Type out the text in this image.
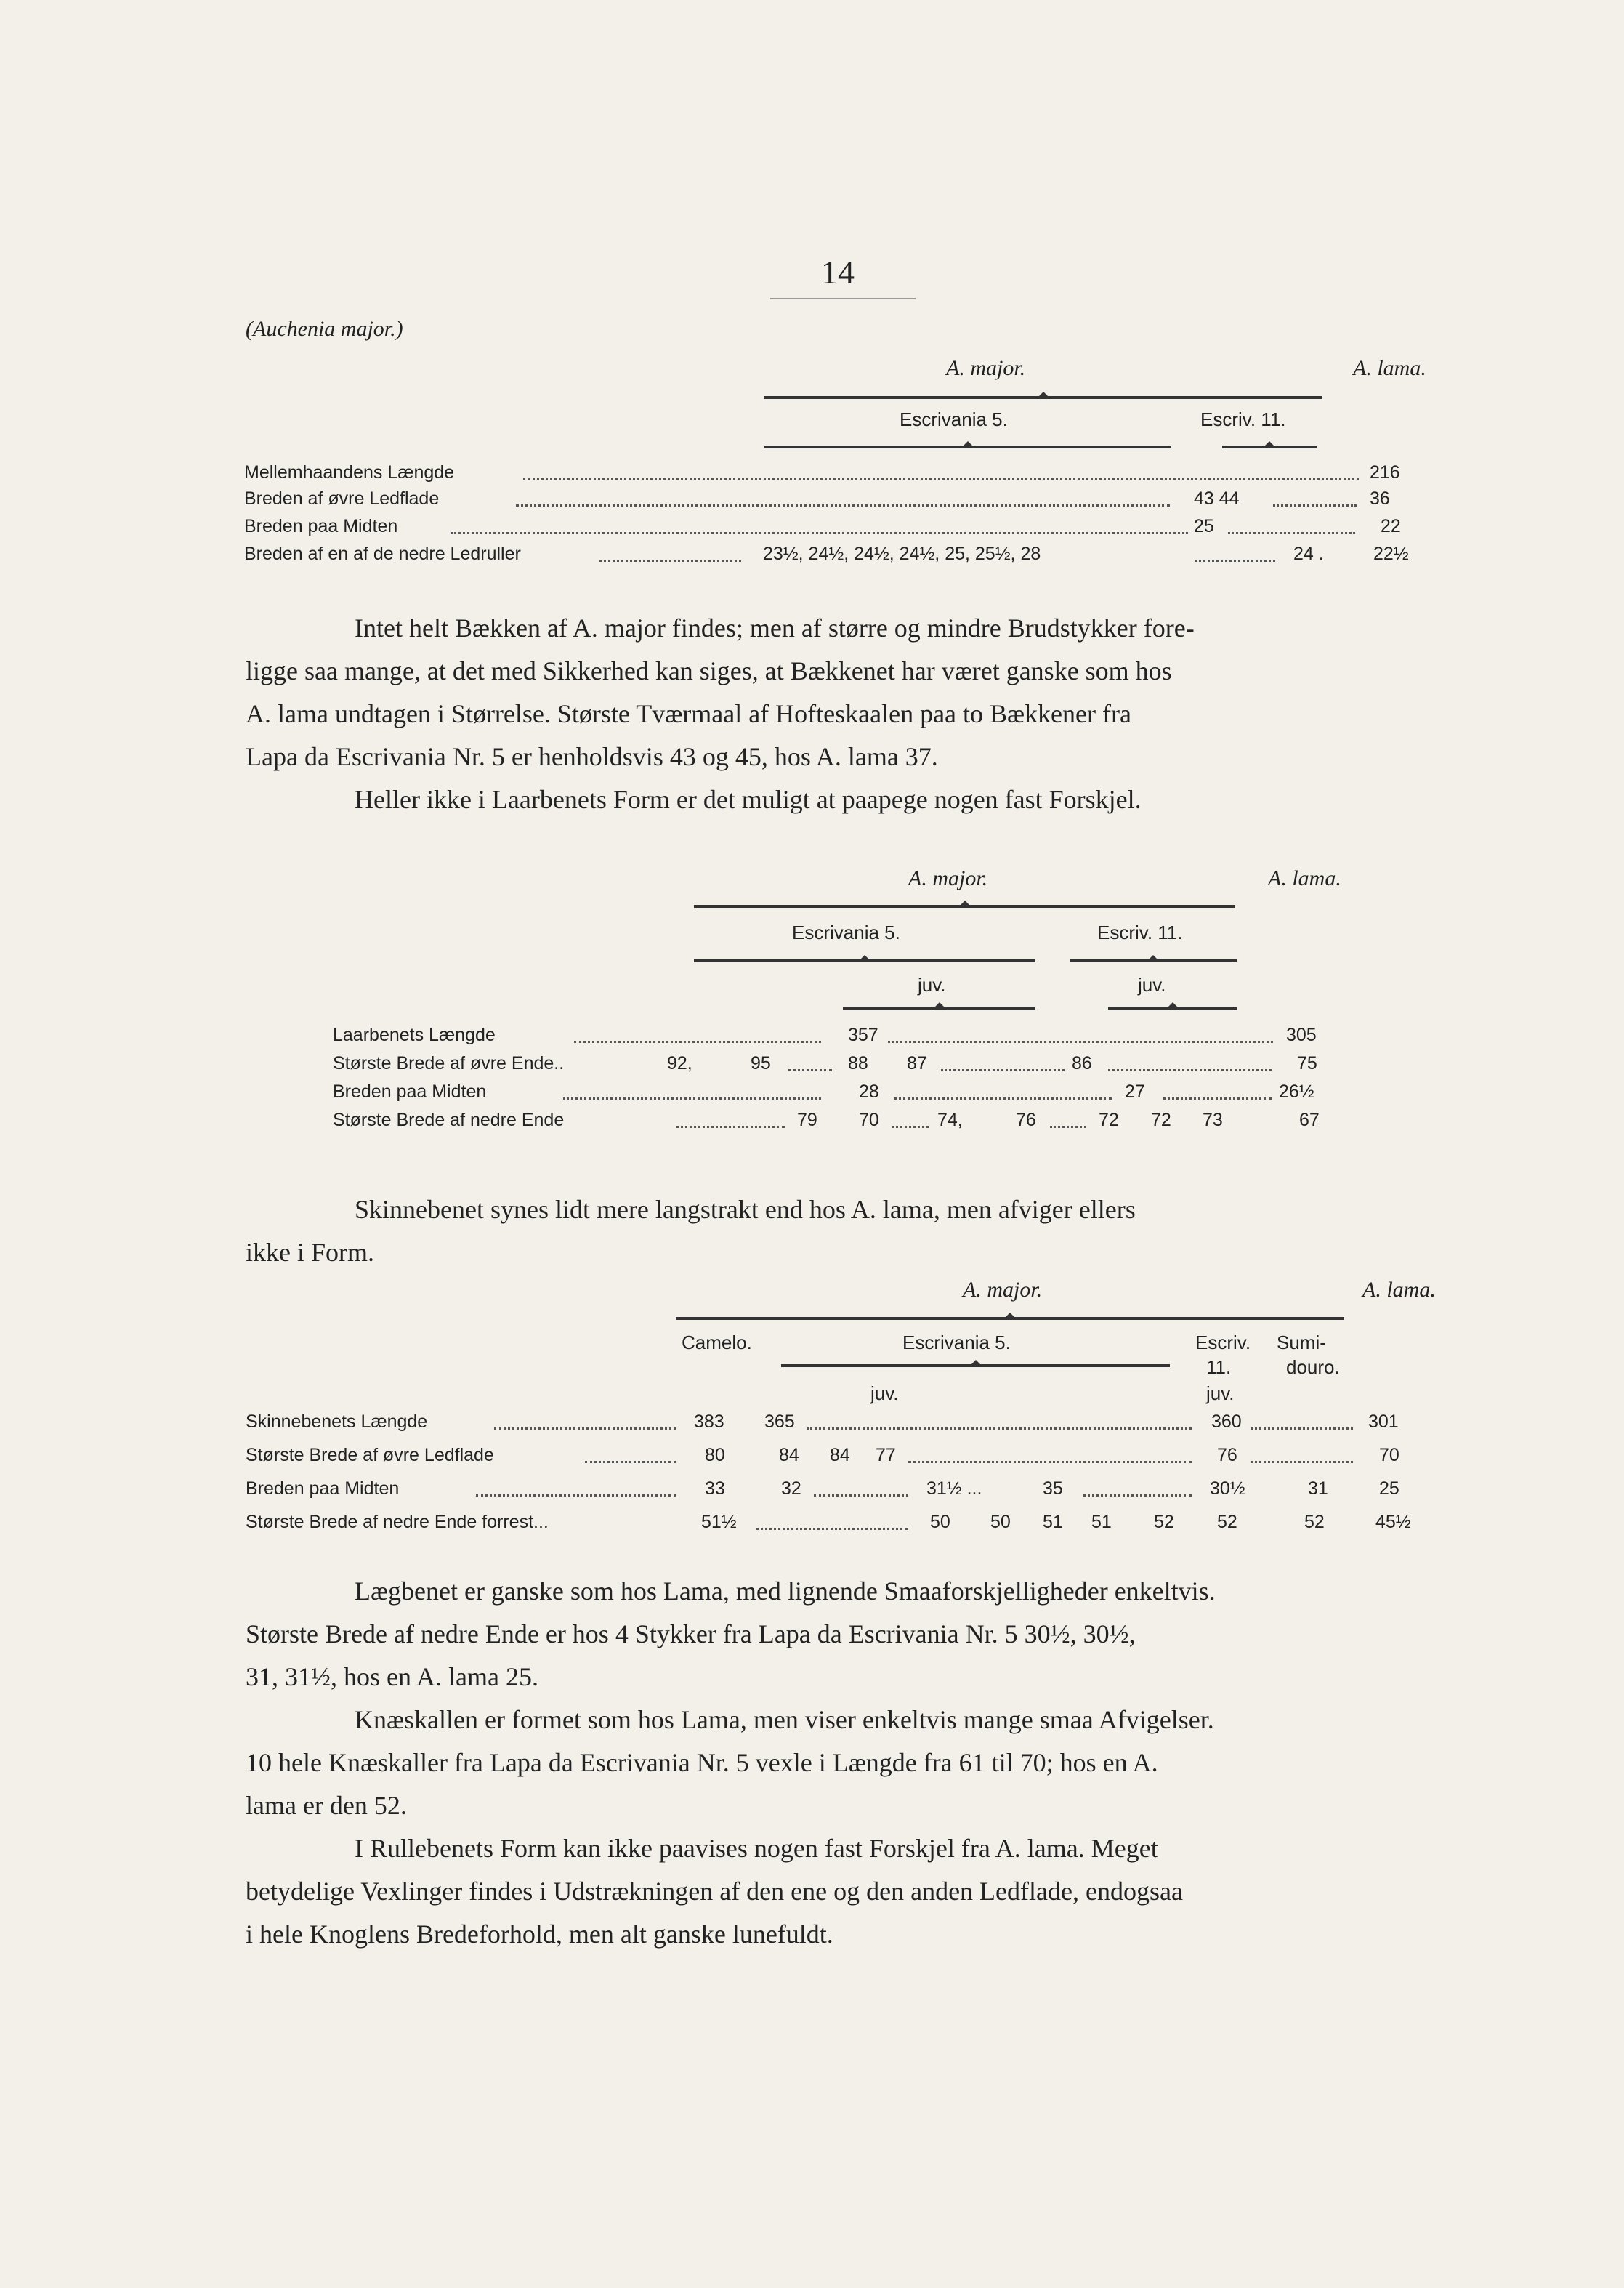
14
(Auchenia major.)
A. major.	A. lama.
Escrivania 5.	Escriv. 11.
Mellemhaandens Længde	216
Breden af øvre Ledflade	43 44	36
Breden paa Midten	25	22
Breden af en af de nedre Ledruller	23½, 24½, 24½, 24½, 25, 25½, 28	24 .	22½
Intet helt Bækken af A. major findes; men af større og mindre Brudstykker fore-
ligge saa mange, at det med Sikkerhed kan siges, at Bækkenet har været ganske som hos
A. lama undtagen i Størrelse. Største Tværmaal af Hofteskaalen paa to Bækkener fra
Lapa da Escrivania Nr. 5 er henholdsvis 43 og 45, hos A. lama 37.
Heller ikke i Laarbenets Form er det muligt at paapege nogen fast Forskjel.
A. major.	A. lama.
Escrivania 5.	Escriv. 11.
juv.	juv.
Laarbenets Længde	357	305
Største Brede af øvre Ende..	92,	95	88 87	86	75
Breden paa Midten	28	27	26½
Største Brede af nedre Ende	79 70	74,	76	72 72 73	67
Skinnebenet synes lidt mere langstrakt end hos A. lama, men afviger ellers
ikke i Form.
A. major.	A. lama.
Camelo.	Escrivania 5.	Escriv. Sumi-
11.	douro.
juv.	juv.
Skinnebenets Længde	383 365	360	301
Største Brede af øvre Ledflade	80	84 84 77	76	70
Breden paa Midten	33	32	31½ ...	35	30½	31	25
Største Brede af nedre Ende forrest...	51½	50 50 51 51 52 52	52	45½
Lægbenet er ganske som hos Lama, med lignende Smaaforskjelligheder enkeltvis.
Største Brede af nedre Ende er hos 4 Stykker fra Lapa da Escrivania Nr. 5 30½, 30½,
31, 31½, hos en A. lama 25.
Knæskallen er formet som hos Lama, men viser enkeltvis mange smaa Afvigelser.
10 hele Knæskaller fra Lapa da Escrivania Nr. 5 vexle i Længde fra 61 til 70; hos en A.
lama er den 52.
I Rullebenets Form kan ikke paavises nogen fast Forskjel fra A. lama. Meget
betydelige Vexlinger findes i Udstrækningen af den ene og den anden Ledflade, endogsaa
i hele Knoglens Bredeforhold, men alt ganske lunefuldt.
